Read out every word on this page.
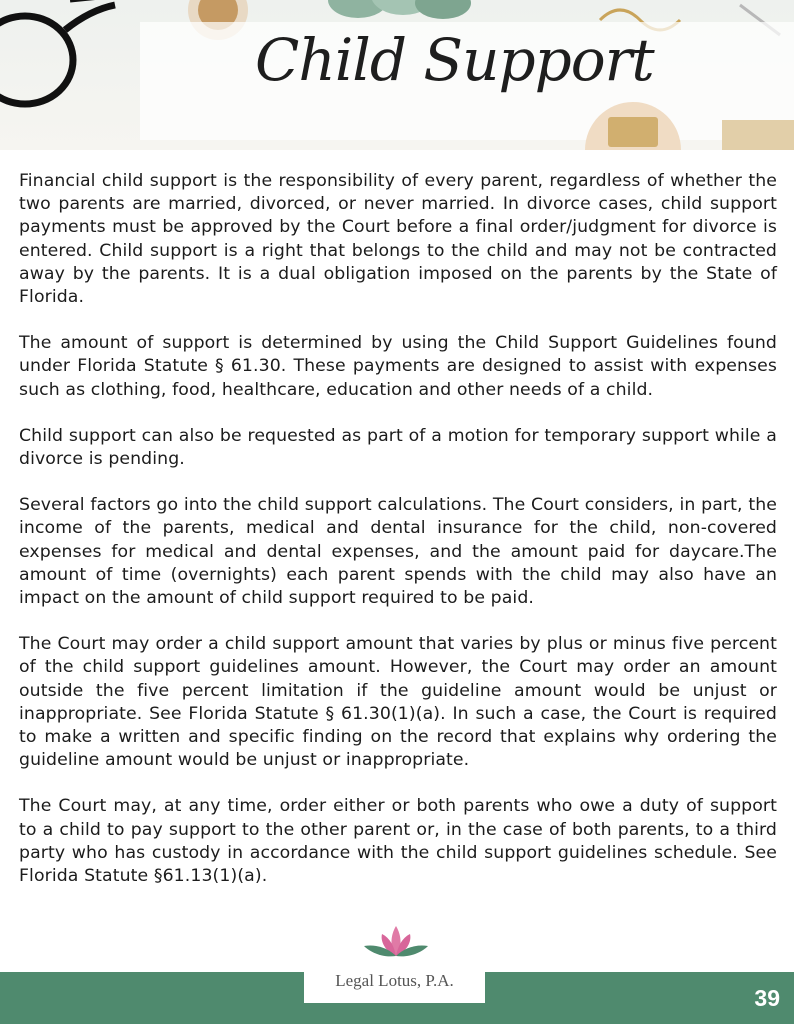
Child Support

Financial child support is the responsibility of every parent, regardless of whether the two parents are married, divorced, or never married. In divorce cases, child support payments must be approved by the Court before a final order/judgment for divorce is entered. Child support is a right that belongs to the child and may not be contracted away by the parents. It is a dual obligation imposed on the parents by the State of Florida.

The amount of support is determined by using the Child Support Guidelines found under Florida Statute § 61.30. These payments are designed to assist with expenses such as clothing, food, healthcare, education and other needs of a child.

Child support can also be requested as part of a motion for temporary support while a divorce is pending.

Several factors go into the child support calculations. The Court considers, in part, the income of the parents, medical and dental insurance for the child, non-covered expenses for medical and dental expenses, and the amount paid for daycare.The amount of time (overnights) each parent spends with the child may also have an impact on the amount of child support required to be paid.

The Court may order a child support amount that varies by plus or minus five percent of the child support guidelines amount. However, the Court may order an amount outside the five percent limitation if the guideline amount would be unjust or inappropriate. See Florida Statute § 61.30(1)(a). In such a case, the Court is required to make a written and specific finding on the record that explains why ordering the guideline amount would be unjust or inappropriate.

The Court may, at any time, order either or both parents who owe a duty of support to a child to pay support to the other parent or, in the case of both parents, to a third party who has custody in accordance with the child support guidelines schedule. See Florida Statute §61.13(1)(a).

Legal Lotus, P.A.

39
